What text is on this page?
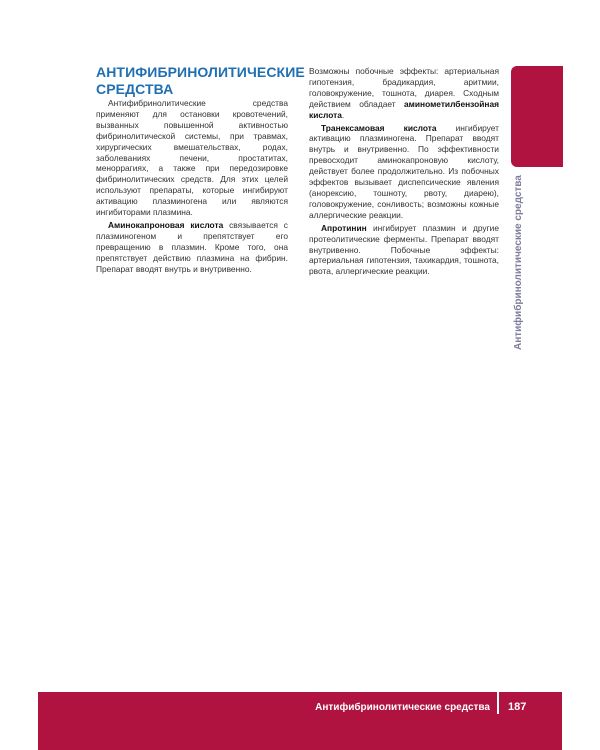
АНТИФИБРИНОЛИТИЧЕСКИЕ
СРЕДСТВА

Антифибринолитические средства применяют для остановки кровотечений, вызванных повышенной активностью фибринолитической системы, при травмах, хирургических вмешательствах, родах, заболеваниях печени, простатитах, меноррагиях, а также при передозировке фибринолитических средств. Для этих целей используют препараты, которые ингибируют активацию плазминогена или являются ингибиторами плазмина.

Аминокапроновая кислота связывается с плазминогеном и препятствует его превращению в плазмин. Кроме того, она препятствует действию плазмина на фибрин. Препарат вводят внутрь и внутривенно.

Возможны побочные эффекты: артериальная гипотензия, брадикардия, аритмии, головокружение, тошнота, диарея. Сходным действием обладает аминометилбензойная кислота.

Транексамовая кислота ингибирует активацию плазминогена. Препарат вводят внутрь и внутривенно. По эффективности превосходит аминокапроновую кислоту, действует более продолжительно. Из побочных эффектов вызывает диспепсические явления (анорексию, тошноту, рвоту, диарею), головокружение, сонливость; возможны кожные аллергические реакции.

Апротинин ингибирует плазмин и другие протеолитические ферменты. Препарат вводят внутривенно. Побочные эффекты: артериальная гипотензия, тахикардия, тошнота, рвота, аллергические реакции.	Антифибринолитические средства
Антифибринолитические средства 187
